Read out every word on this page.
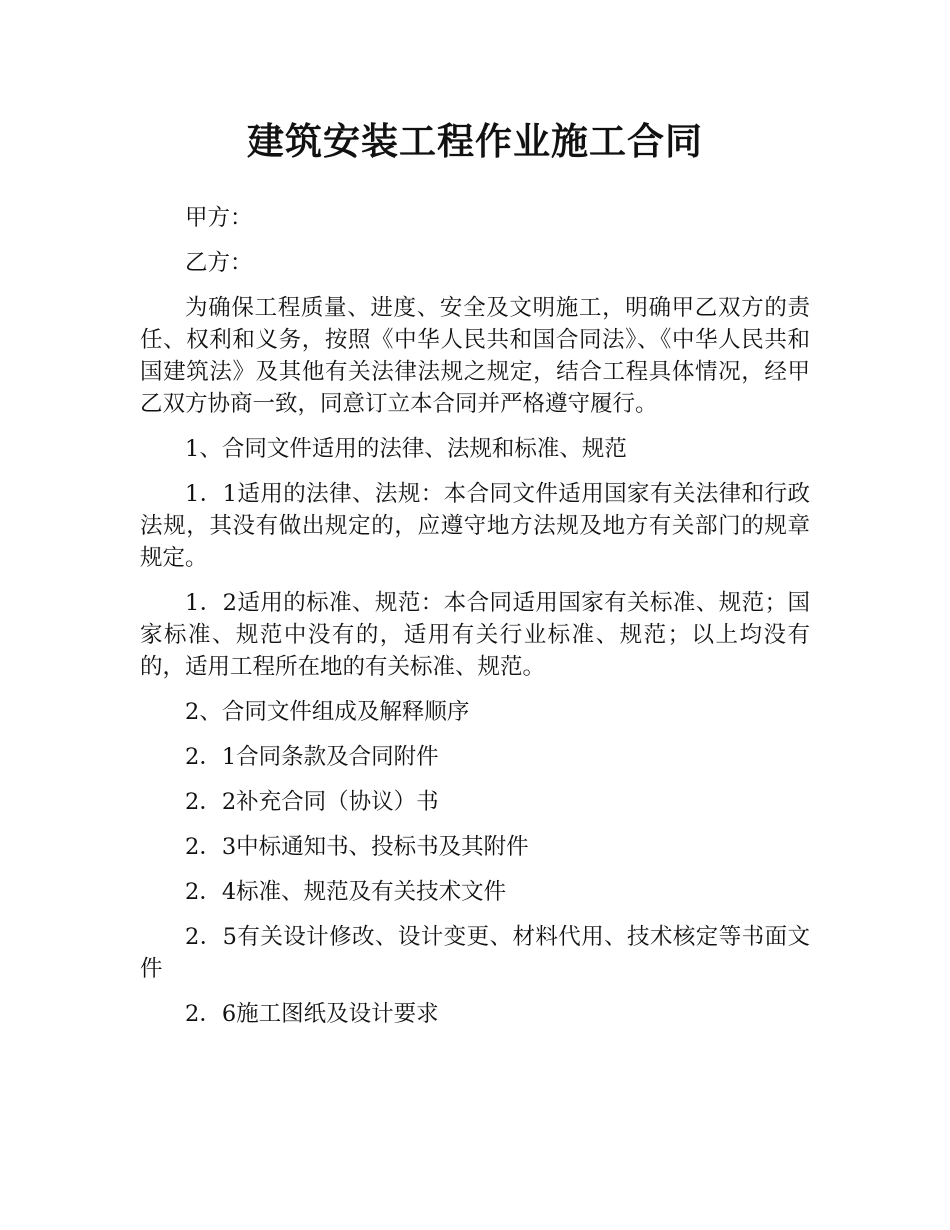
建筑安装工程作业施工合同

甲方：

乙方：

为确保工程质量、进度、安全及文明施工，明确甲乙双方的责任、权利和义务，按照《中华人民共和国合同法》、《中华人民共和国建筑法》及其他有关法律法规之规定，结合工程具体情况，经甲乙双方协商一致，同意订立本合同并严格遵守履行。

1、合同文件适用的法律、法规和标准、规范

1．1适用的法律、法规：本合同文件适用国家有关法律和行政法规，其没有做出规定的，应遵守地方法规及地方有关部门的规章规定。

1．2适用的标准、规范：本合同适用国家有关标准、规范；国家标准、规范中没有的，适用有关行业标准、规范；以上均没有的，适用工程所在地的有关标准、规范。

2、合同文件组成及解释顺序

2．1合同条款及合同附件

2．2补充合同（协议）书

2．3中标通知书、投标书及其附件

2．4标准、规范及有关技术文件

2．5有关设计修改、设计变更、材料代用、技术核定等书面文件

2．6施工图纸及设计要求
